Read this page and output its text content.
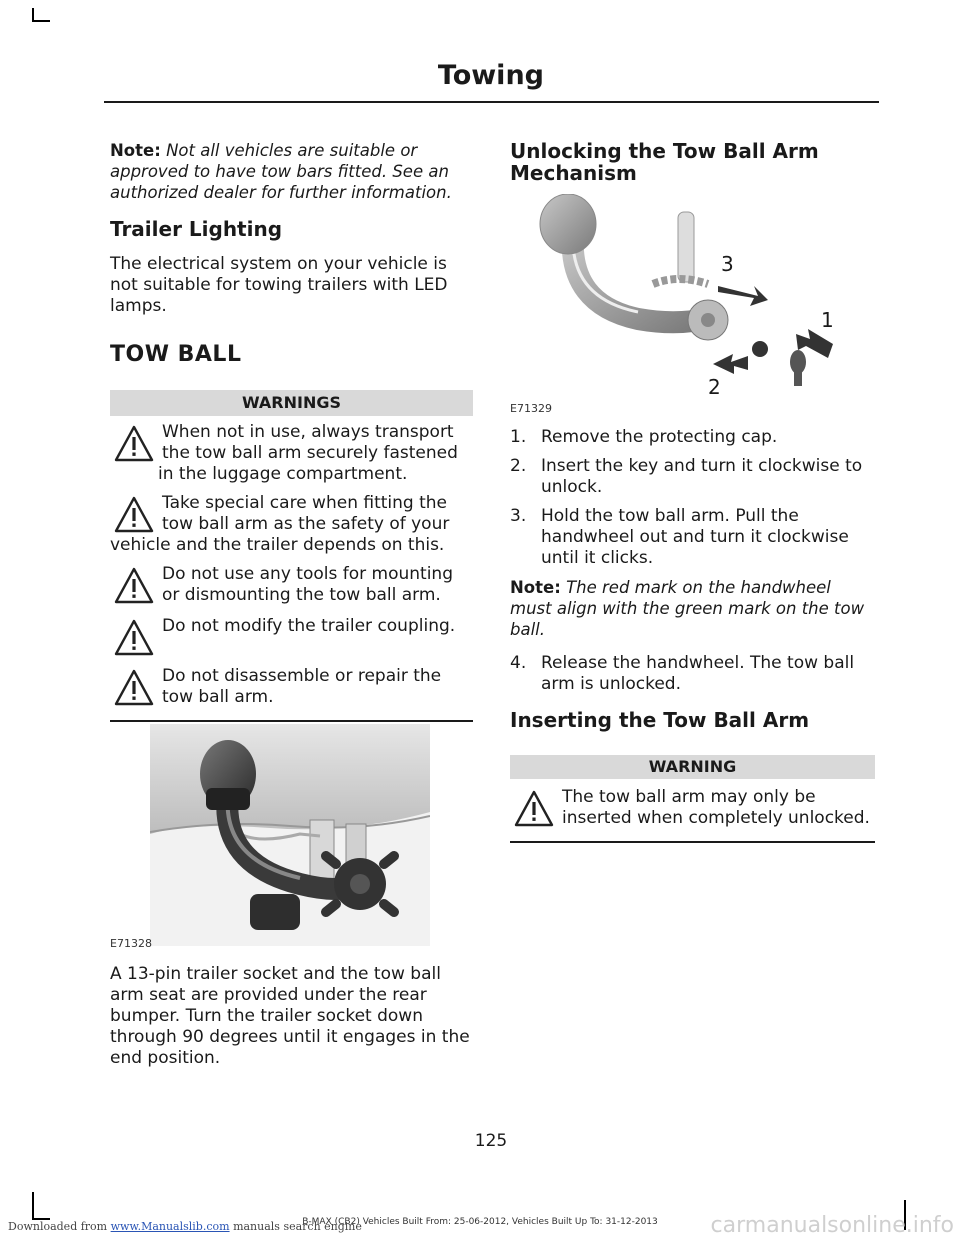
Towing

Note: Not all vehicles are suitable or approved to have tow bars fitted. See an authorized dealer for further information.

Trailer Lighting

The electrical system on your vehicle is not suitable for towing trailers with LED lamps.

TOW BALL
WARNINGS

When not in use, always transport the tow ball arm securely fastened in the luggage compartment.

Take special care when fitting the tow ball arm as the safety of your vehicle and the trailer depends on this.

Do not use any tools for mounting or dismounting the tow ball arm.

Do not modify the trailer coupling.

Do not disassemble or repair the tow ball arm.

E71328

A 13-pin trailer socket and the tow ball arm seat are provided under the rear bumper. Turn the trailer socket down through 90 degrees until it engages in the end position.

Unlocking the Tow Ball Arm Mechanism
3
1
2
E71329
1. Remove the protecting cap.
2. Insert the key and turn it clockwise to unlock.
3. Hold the tow ball arm. Pull the handwheel out and turn it clockwise until it clicks.

Note: The red mark on the handwheel must align with the green mark on the tow ball.

4. Release the handwheel. The tow ball arm is unlocked.
Inserting the Tow Ball Arm
WARNING

The tow ball arm may only be inserted when completely unlocked.

125
B-MAX (CB2) Vehicles Built From: 25-06-2012, Vehicles Built Up To: 31-12-2013
Downloaded from www.Manualslib.com manuals search engine	carmanualsonline.info
